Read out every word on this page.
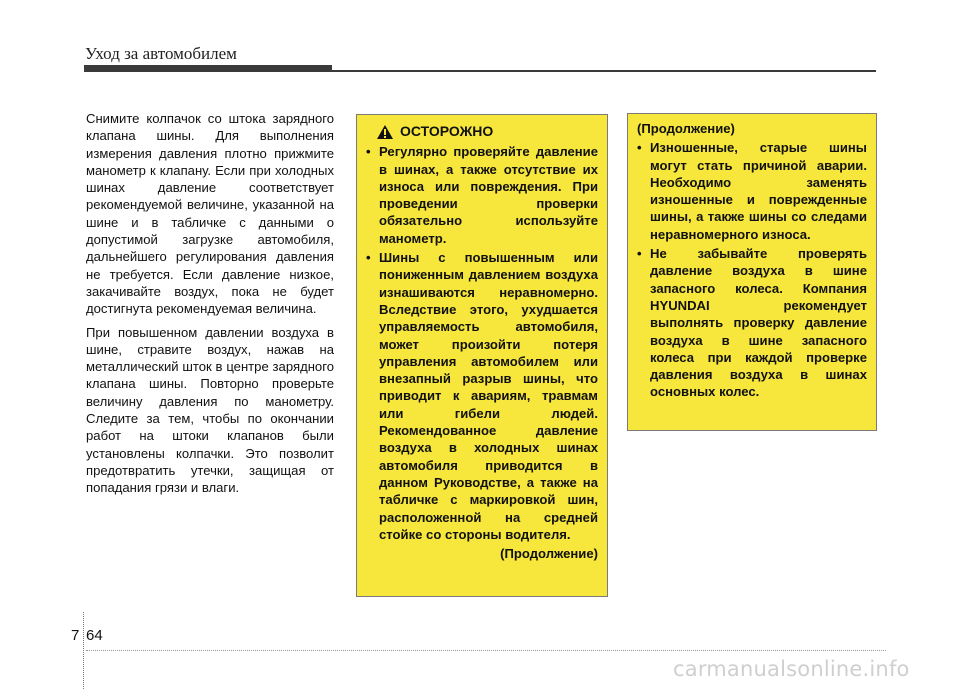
Уход за автомобилем

Снимите колпачок со штока зарядного клапана шины. Для выполнения измерения давления плотно прижмите манометр к клапану. Если при холодных шинах давление соответствует рекомендуемой величине, указанной на шине и в табличке с данными о допустимой загрузке автомобиля, дальнейшего регулирования давления не требуется. Если давление низкое, закачивайте воздух, пока не будет достигнута рекомендуемая величина.

При повышенном давлении воздуха в шине, стравите воздух, нажав на металлический шток в центре зарядного клапана шины. Повторно проверьте величину давления по манометру. Следите за тем, чтобы по окончании работ на штоки клапанов были установлены колпачки. Это позволит предотвратить утечки, защищая от попадания грязи и влаги.

ОСТОРОЖНО
• Регулярно проверяйте давление в шинах, а также отсутствие их износа или повреждения. При проведении проверки обязательно используйте манометр.
• Шины с повышенным или пониженным давлением воздуха изнашиваются неравномерно. Вследствие этого, ухудшается управляемость автомобиля, может произойти потеря управления автомобилем или внезапный разрыв шины, что приводит к авариям, травмам или гибели людей. Рекомендованное давление воздуха в холодных шинах автомобиля приводится в данном Руководстве, а также на табличке с маркировкой шин, расположенной на средней стойке со стороны водителя.
(Продолжение)
(Продолжение)
• Изношенные, старые шины могут стать причиной аварии. Необходимо заменять изношенные и поврежденные шины, а также шины со следами неравномерного износа.
• Не забывайте проверять давление воздуха в шине запасного колеса. Компания HYUNDAI рекомендует выполнять проверку давление воздуха в шине запасного колеса при каждой проверке давления воздуха в шинах основных колес.
7 64
carmanualsonline.info
